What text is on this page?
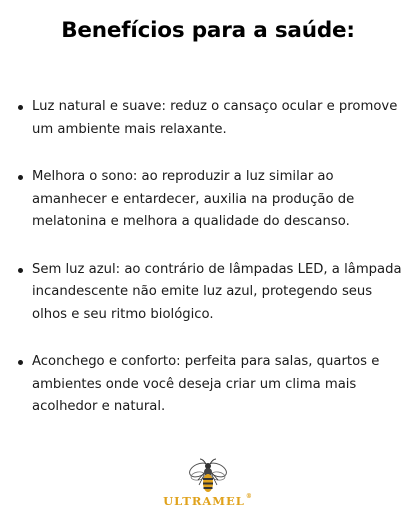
Benefícios para a saúde:
Luz natural e suave: reduz o cansaço ocular e promove um ambiente mais relaxante.
Melhora o sono: ao reproduzir a luz similar ao amanhecer e entardecer, auxilia na produção de melatonina e melhora a qualidade do descanso.
Sem luz azul: ao contrário de lâmpadas LED, a lâmpada incandescente não emite luz azul, protegendo seus olhos e seu ritmo biológico.
Aconchego e conforto: perfeita para salas, quartos e ambientes onde você deseja criar um clima mais acolhedor e natural.
ULTRAMEL®
